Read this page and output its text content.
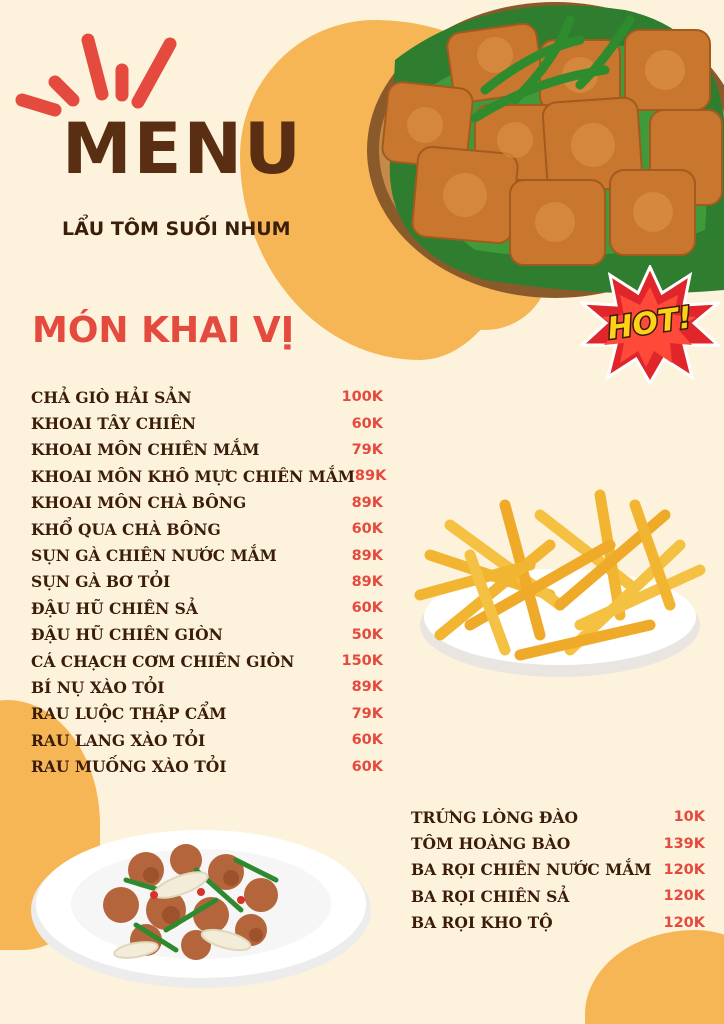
MENU
LẨU TÔM SUỐI NHUM
HOT!
MÓN KHAI VỊ
CHẢ GIÒ HẢI SẢN	100K
KHOAI TÂY CHIÊN	60K
KHOAI MÔN CHIÊN MẮM	79K
KHOAI MÔN KHÔ MỰC CHIÊN MẮM 89K
KHOAI MÔN CHÀ BÔNG	89K
KHỔ QUA CHÀ BÔNG	60K
SỤN GÀ CHIÊN NƯỚC MẮM	89K
SỤN GÀ BƠ TỎI	89K
ĐẬU HŨ CHIÊN SẢ	60K
ĐẬU HŨ CHIÊN GIÒN	50K
CÁ CHẠCH CƠM CHIÊN GIÒN	150K
BÍ NỤ XÀO TỎI	89K
RAU LUỘC THẬP CẨM	79K
RAU LANG XÀO TỎI	60K
RAU MUỐNG XÀO TỎI	60K
TRỨNG LÒNG ĐÀO	10K
TÔM HOÀNG BÀO	139K
BA RỌI CHIÊN NƯỚC MẮM 120K
BA RỌI CHIÊN SẢ	120K
BA RỌI KHO TỘ	120K
